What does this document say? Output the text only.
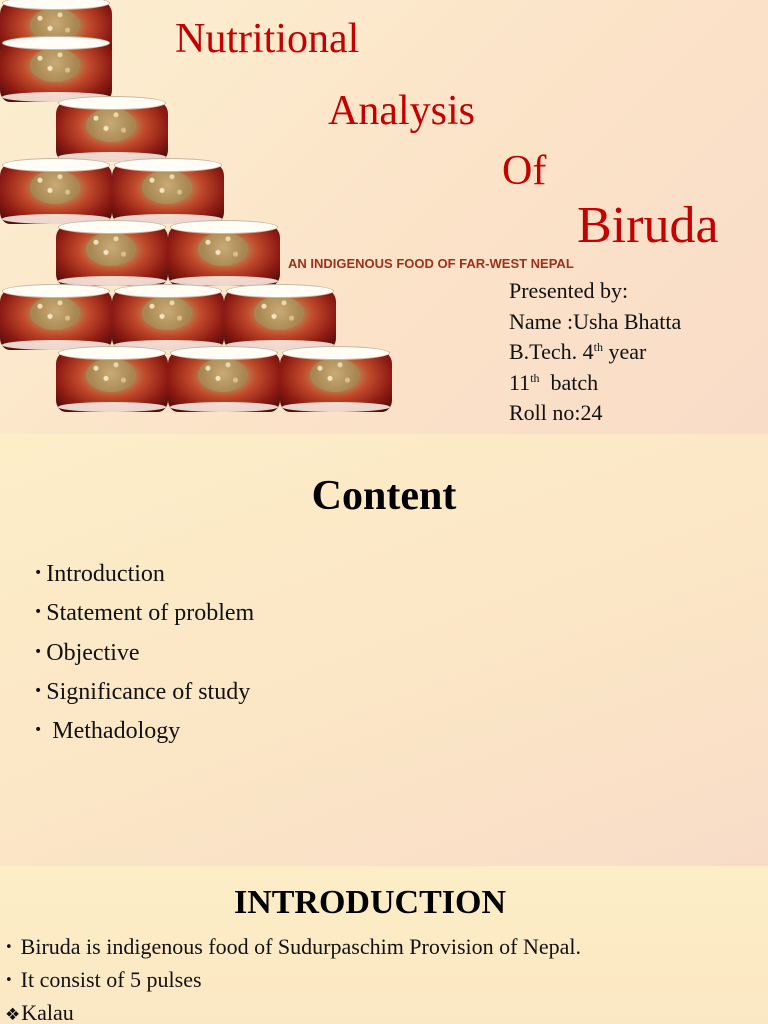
Nutritional
Analysis
Of
Biruda
AN INDIGENOUS FOOD OF FAR-WEST NEPAL
Presented by:
Name :Usha Bhatta
B.Tech. 4th year
11th  batch
Roll no:24
Content
• Introduction
• Statement of problem
• Objective
• Significance of study
• Methadology
INTRODUCTION
• Biruda is indigenous food of Sudurpaschim Provision of Nepal.
• It consist of 5 pulses
❖Kalau
